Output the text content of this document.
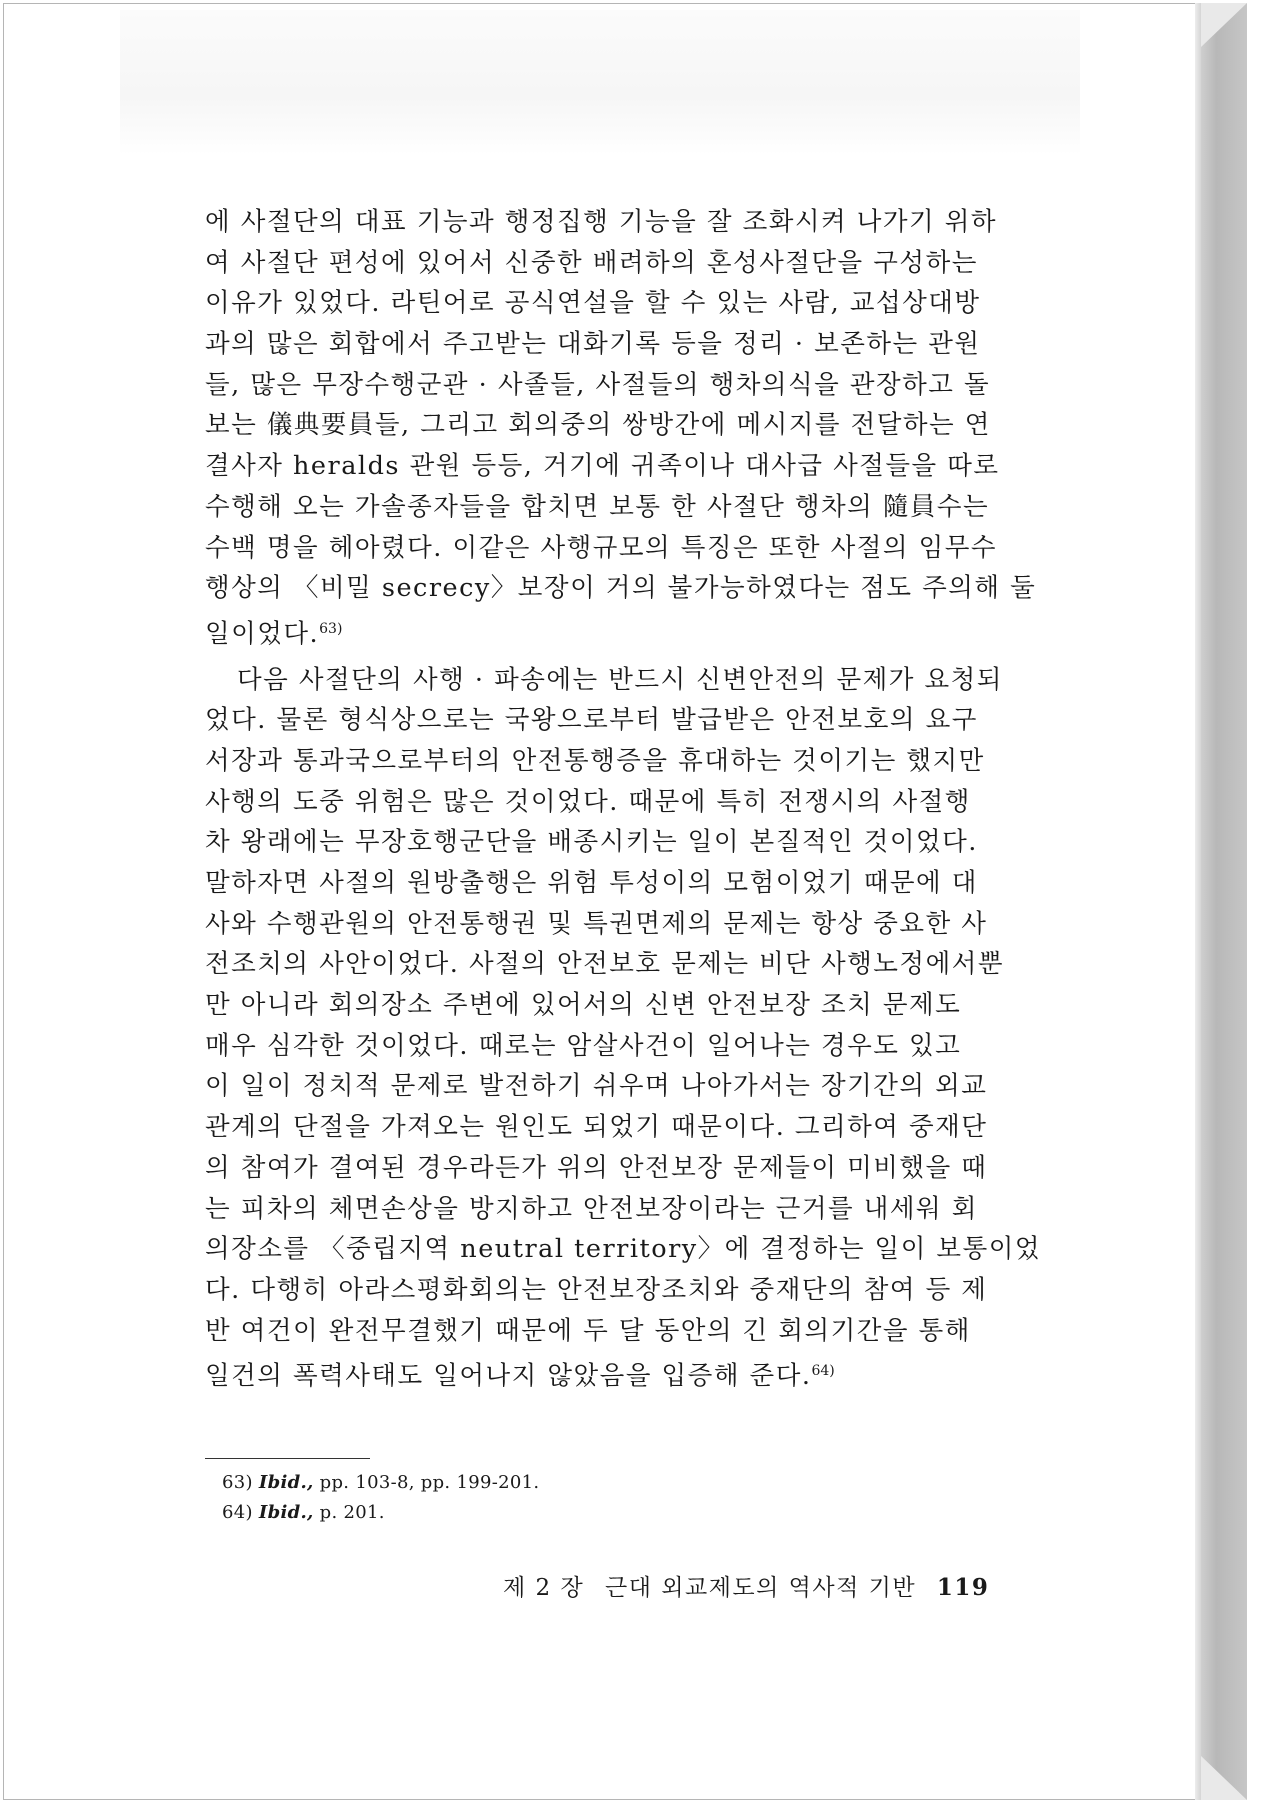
에 사절단의 대표 기능과 행정집행 기능을 잘 조화시켜 나가기 위하
여 사절단 편성에 있어서 신중한 배려하의 혼성사절단을 구성하는
이유가 있었다. 라틴어로 공식연설을 할 수 있는 사람, 교섭상대방
과의 많은 회합에서 주고받는 대화기록 등을 정리 · 보존하는 관원
들, 많은 무장수행군관 · 사졸들, 사절들의 행차의식을 관장하고 돌
보는 儀典要員들, 그리고 회의중의 쌍방간에 메시지를 전달하는 연
결사자 heralds 관원 등등, 거기에 귀족이나 대사급 사절들을 따로
수행해 오는 가솔종자들을 합치면 보통 한 사절단 행차의 隨員수는
수백 명을 헤아렸다. 이같은 사행규모의 특징은 또한 사절의 임무수
행상의 〈비밀 secrecy〉보장이 거의 불가능하였다는 점도 주의해 둘
일이었다.$^{63)}$
다음 사절단의 사행 · 파송에는 반드시 신변안전의 문제가 요청되
었다. 물론 형식상으로는 국왕으로부터 발급받은 안전보호의 요구
서장과 통과국으로부터의 안전통행증을 휴대하는 것이기는 했지만
사행의 도중 위험은 많은 것이었다. 때문에 특히 전쟁시의 사절행
차 왕래에는 무장호행군단을 배종시키는 일이 본질적인 것이었다.
말하자면 사절의 원방출행은 위험 투성이의 모험이었기 때문에 대
사와 수행관원의 안전통행권 및 특권면제의 문제는 항상 중요한 사
전조치의 사안이었다. 사절의 안전보호 문제는 비단 사행노정에서뿐
만 아니라 회의장소 주변에 있어서의 신변 안전보장 조치 문제도
매우 심각한 것이었다. 때로는 암살사건이 일어나는 경우도 있고
이 일이 정치적 문제로 발전하기 쉬우며 나아가서는 장기간의 외교
관계의 단절을 가져오는 원인도 되었기 때문이다. 그리하여 중재단
의 참여가 결여된 경우라든가 위의 안전보장 문제들이 미비했을 때
는 피차의 체면손상을 방지하고 안전보장이라는 근거를 내세워 회
의장소를 〈중립지역 neutral territory〉에 결정하는 일이 보통이었
다. 다행히 아라스평화회의는 안전보장조치와 중재단의 참여 등 제
반 여건이 완전무결했기 때문에 두 달 동안의 긴 회의기간을 통해
일건의 폭력사태도 일어나지 않았음을 입증해 준다.$^{64)}$
63) Ibid., pp. 103-8, pp. 199-201.
64) Ibid., p. 201.
제 2 장 근대 외교제도의 역사적 기반 119
